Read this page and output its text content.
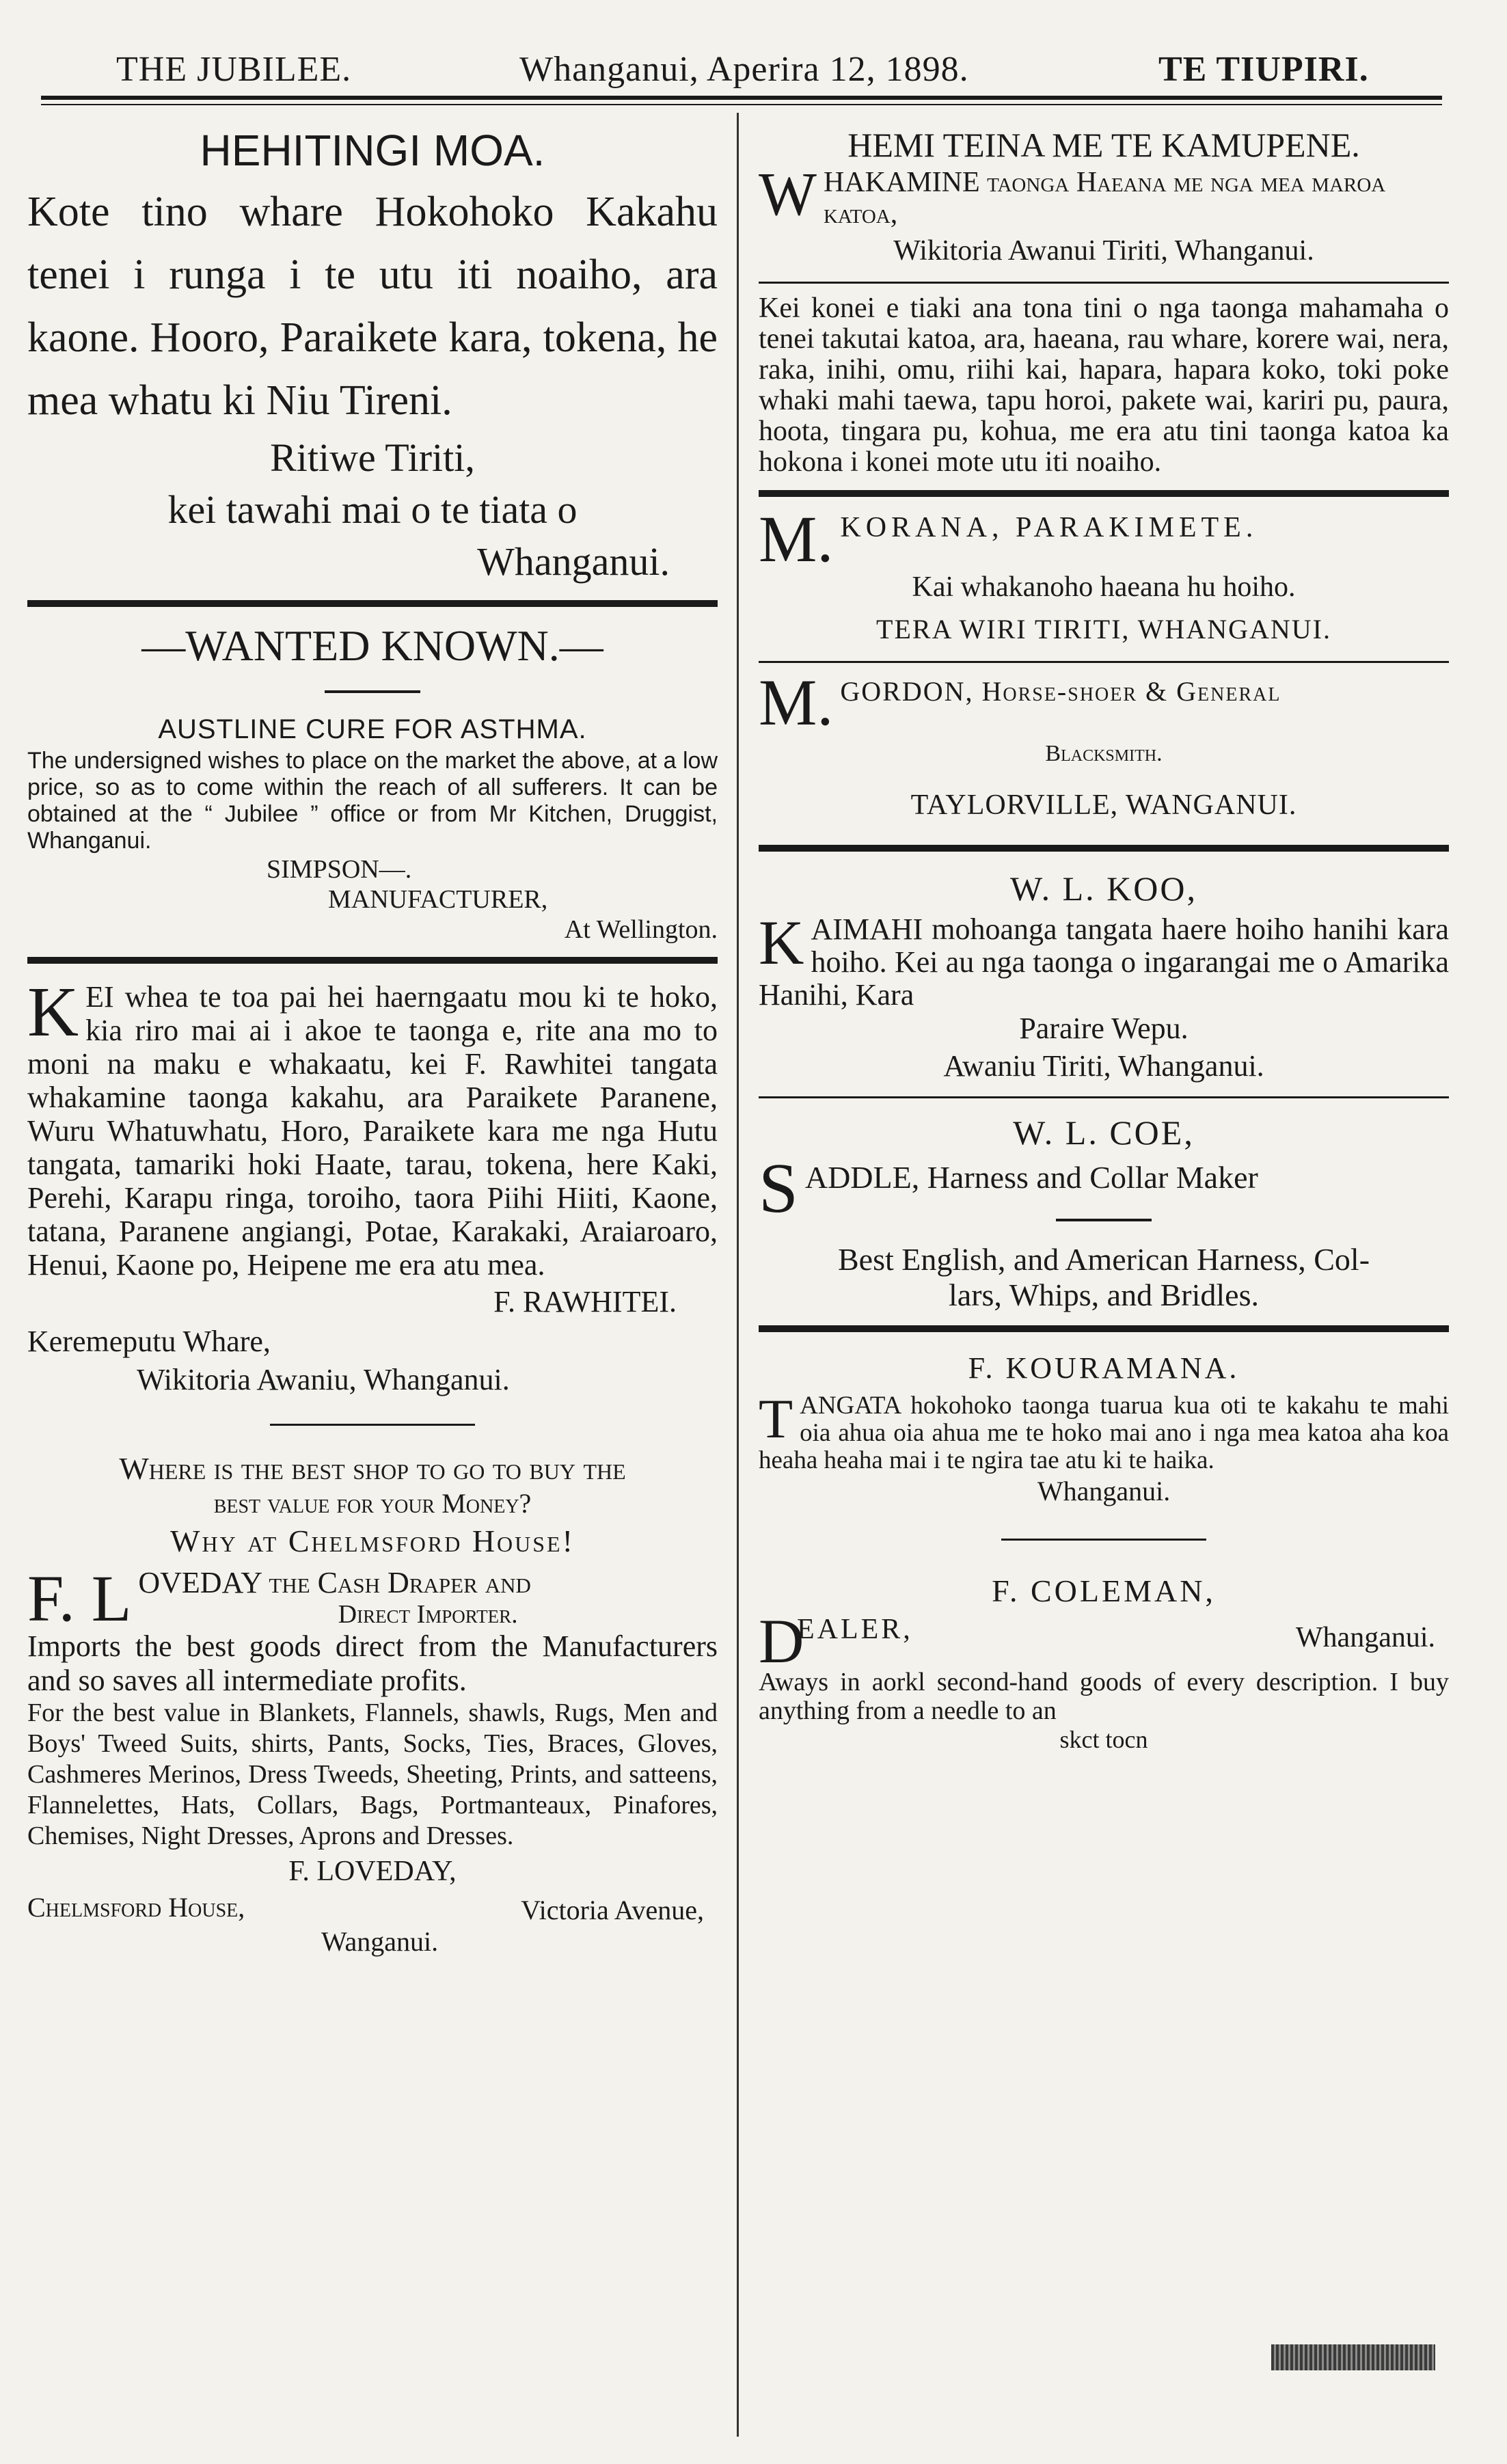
THE JUBILEE.	Whanganui, Aperira 12, 1898.	TE TIUPIRI.

HEHITINGI MOA.

Kote tino whare Hokohoko Kakahu tenei i runga i te utu iti noaiho, ara kaone. Hooro, Paraikete kara, tokena, he mea whatu ki Niu Tireni.

Ritiwe Tiriti,

kei tawahi mai o te tiata o

Whanganui.

—WANTED KNOWN.—

AUSTLINE CURE FOR ASTHMA.

The undersigned wishes to place on the market the above, at a low price, so as to come within the reach of all sufferers. It can be obtained at the “ Jubilee ” office or from Mr Kitchen, Druggist, Whanganui.

SIMPSON—.

MANUFACTURER,

At Wellington.

KEI whea te toa pai hei haerngaatu mou ki te hoko, kia riro mai ai i akoe te taonga e, rite ana mo to moni na maku e whakaatu, kei F. Rawhitei tangata whakamine taonga kakahu, ara Paraikete Paranene, Wuru Whatuwhatu, Horo, Paraikete kara me nga Hutu tangata, tamariki hoki Haate, tarau, tokena, here Kaki, Perehi, Karapu ringa, toroiho, taora Piihi Hiiti, Kaone, tatana, Paranene angiangi, Potae, Karakaki, Araiaroaro, Henui, Kaone po, Heipene me era atu mea.

F. RAWHITEI.

Keremeputu Whare,

Wikitoria Awaniu, Whanganui.

Where is the best shop to go to buy the

best value for your Money?

Why at Chelmsford House!

F. L OVEDAY the Cash Draper and

Direct Importer.

Imports the best goods direct from the Manufacturers and so saves all intermediate profits.

For the best value in Blankets, Flannels, shawls, Rugs, Men and Boys' Tweed Suits, shirts, Pants, Socks, Ties, Braces, Gloves, Cashmeres Merinos, Dress Tweeds, Sheeting, Prints, and satteens, Flannelettes, Hats, Collars, Bags, Portmanteaux, Pinafores, Chemises, Night Dresses, Aprons and Dresses.

F. LOVEDAY,

Chelmsford House,	Victoria Avenue,

Wanganui.

HEMI TEINA ME TE KAMUPENE.

WHAKAMINE taonga Haeana me nga mea maroa katoa,

Wikitoria Awanui Tiriti, Whanganui.

Kei konei e tiaki ana tona tini o nga taonga mahamaha o tenei takutai katoa, ara, haeana, rau whare, korere wai, nera, raka, inihi, omu, riihi kai, hapara, hapara koko, toki poke whaki mahi taewa, tapu horoi, pakete wai, kariri pu, paura, hoota, tingara pu, kohua, me era atu tini taonga katoa ka hokona i konei mote utu iti noaiho.

M. KORANA, PARAKIMETE.

Kai whakanoho haeana hu hoiho.

TERA WIRI TIRITI, WHANGANUI.

M. GORDON, Horse-shoer & General

Blacksmith.

TAYLORVILLE, WANGANUI.

W. L. KOO,

KAIMAHI mohoanga tangata haere hoiho hanihi kara hoiho. Kei au nga taonga o ingarangai me o Amarika Hanihi, Kara

Paraire Wepu.

Awaniu Tiriti, Whanganui.

W. L. COE,

SADDLE, Harness and Collar Maker

Best English, and American Harness, Col-

lars, Whips, and Bridles.

F. KOURAMANA.

TANGATA hokohoko taonga tuarua kua oti te kakahu te mahi oia ahua oia ahua me te hoko mai ano i nga mea katoa aha koa heaha heaha mai i te ngira tae atu ki te haika.

Whanganui.

F. COLEMAN,

D
EALER,	Whanganui.

Aways in aorkl second-hand goods of every description. I buy anything from a needle to an

skct tocn
